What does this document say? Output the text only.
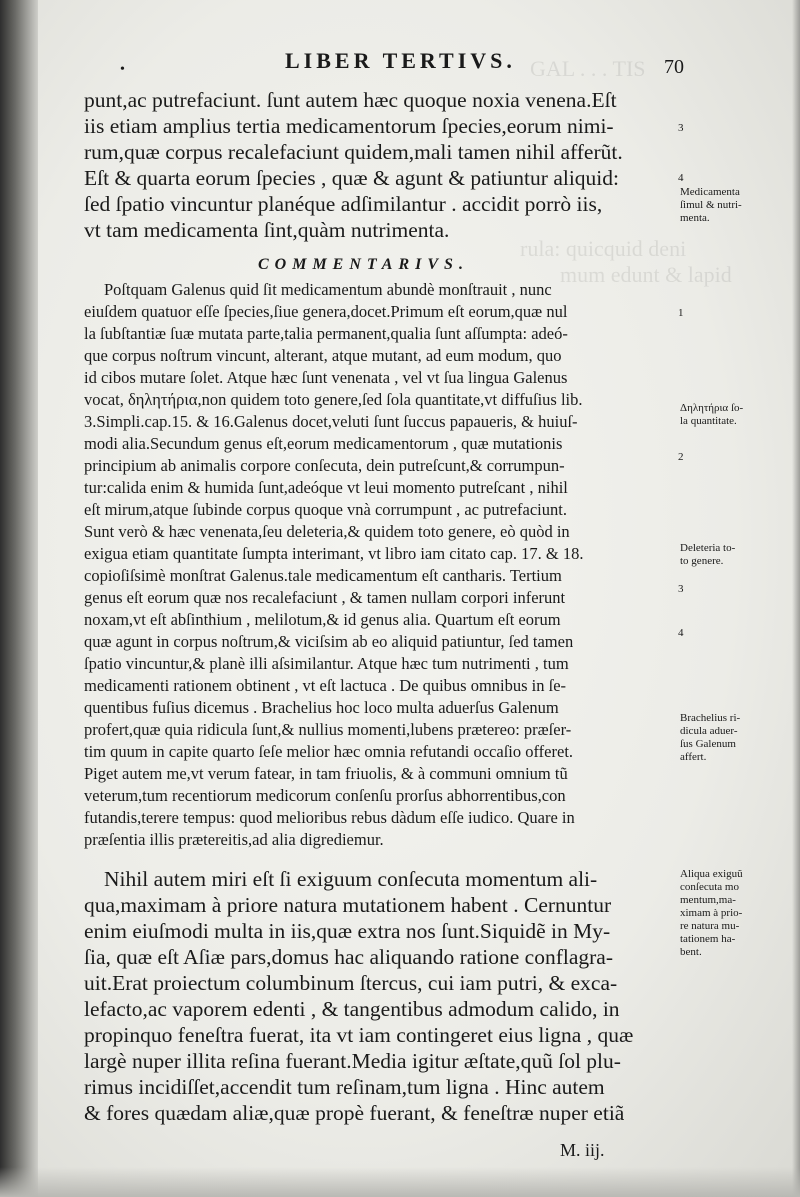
GAL . . . TIS
rula: quicquid deni
mum edunt & lapid
•	LIBER TERTIVS.	70
punt,ac putrefaciunt. ſunt autem hæc quoque noxia venena.Eſt
iis etiam amplius tertia medicamentorum ſpecies,eorum nimi-
rum,quæ corpus recalefaciunt quidem,mali tamen nihil afferũt.
Eſt & quarta eorum ſpecies , quæ & agunt & patiuntur aliquid:
ſed ſpatio vincuntur planéque adſimilantur . accidit porrò iis,
vt tam medicamenta ſint,quàm nutrimenta.
COMMENTARIVS.
Poſtquam Galenus quid ſit medicamentum abundè monſtrauit , nunc
eiuſdem quatuor eſſe ſpecies,ſiue genera,docet.Primum eſt eorum,quæ nul
la ſubſtantiæ ſuæ mutata parte,talia permanent,qualia ſunt aſſumpta: adeó-
que corpus noſtrum vincunt, alterant, atque mutant, ad eum modum, quo
id cibos mutare ſolet. Atque hæc ſunt venenata , vel vt ſua lingua Galenus
vocat, δηλητήρια,non quidem toto genere,ſed ſola quantitate,vt diffuſius lib.
3.Simpli.cap.15. & 16.Galenus docet,veluti ſunt ſuccus papaueris, & huiuſ-
modi alia.Secundum genus eſt,eorum medicamentorum , quæ mutationis
principium ab animalis corpore conſecuta, dein putreſcunt,& corrumpun-
tur:calida enim & humida ſunt,adeóque vt leui momento putreſcant , nihil
eſt mirum,atque ſubinde corpus quoque vnà corrumpunt , ac putrefaciunt.
Sunt verò & hæc venenata,ſeu deleteria,& quidem toto genere, eò quòd in
exigua etiam quantitate ſumpta interimant, vt libro iam citato cap. 17. & 18.
copioſiſsimè monſtrat Galenus.tale medicamentum eſt cantharis. Tertium
genus eſt eorum quæ nos recalefaciunt , & tamen nullam corpori inferunt
noxam,vt eſt abſinthium , melilotum,& id genus alia. Quartum eſt eorum
quæ agunt in corpus noſtrum,& viciſsim ab eo aliquid patiuntur, ſed tamen
ſpatio vincuntur,& planè illi aſsimilantur. Atque hæc tum nutrimenti , tum
medicamenti rationem obtinent , vt eſt lactuca . De quibus omnibus in ſe-
quentibus fuſius dicemus . Brachelius hoc loco multa aduerſus Galenum
profert,quæ quia ridicula ſunt,& nullius momenti,lubens prætereo: præſer-
tim quum in capite quarto ſeſe melior hæc omnia refutandi occaſio offeret.
Piget autem me,vt verum fatear, in tam friuolis, & à communi omnium tũ
veterum,tum recentiorum medicorum conſenſu prorſus abhorrentibus,con
futandis,terere tempus: quod melioribus rebus dàdum eſſe iudico. Quare in
præſentia illis prætereitis,ad alia digrediemur.
Nihil autem miri eſt ſi exiguum conſecuta momentum ali-
qua,maximam à priore natura mutationem habent . Cernuntur
enim eiuſmodi multa in iis,quæ extra nos ſunt.Siquidẽ in My-
ſia, quæ eſt Aſiæ pars,domus hac aliquando ratione conflagra-
uit.Erat proiectum columbinum ſtercus, cui iam putri, & exca-
lefacto,ac vaporem edenti , & tangentibus admodum calido, in
propinquo feneſtra fuerat, ita vt iam contingeret eius ligna , quæ
largè nuper illita reſina fuerant.Media igitur æſtate,quũ ſol plu-
rimus incidiſſet,accendit tum reſinam,tum ligna . Hinc autem
& fores quædam aliæ,quæ propè fuerant, & feneſtræ nuper etiã
M. iij.
3
4
1
2
3
4
Medicamenta
ſimul & nutri-
menta.
Δηλητήρια ſo-
la quantitate.
Deleteria to-
to genere.
Brachelius ri-
dicula aduer-
ſus Galenum
affert.
Aliqua exiguũ
conſecuta mo
mentum,ma-
ximam à prio-
re natura mu-
tationem ha-
bent.
